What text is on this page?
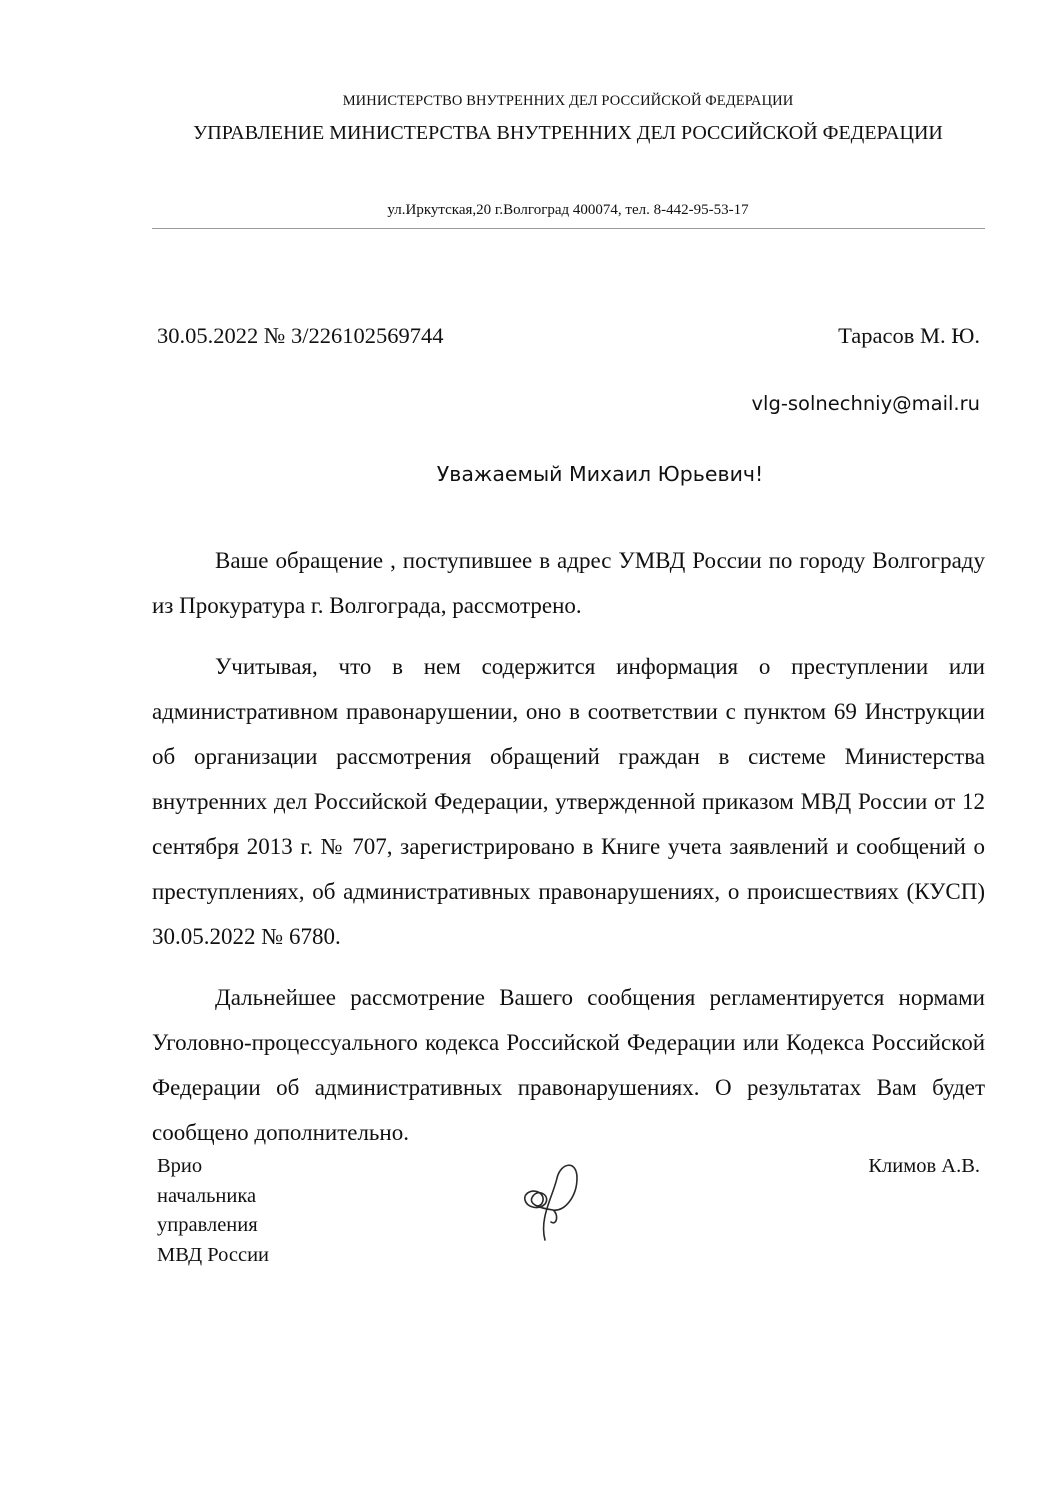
МИНИСТЕРСТВО ВНУТРЕННИХ ДЕЛ РОССИЙСКОЙ ФЕДЕРАЦИИ
УПРАВЛЕНИЕ МИНИСТЕРСТВА ВНУТРЕННИХ ДЕЛ РОССИЙСКОЙ ФЕДЕРАЦИИ
ул.Иркутская,20 г.Волгоград 400074, тел. 8-442-95-53-17
30.05.2022 № 3/226102569744	Тарасов М. Ю.
vlg-solnechniy@mail.ru
Уважаемый Михаил Юрьевич!

Ваше обращение , поступившее в адрес УМВД России по городу Волгограду из Прокуратура г. Волгограда, рассмотрено.

Учитывая, что в нем содержится информация о преступлении или административном правонарушении, оно в соответствии с пунктом 69 Инструкции об организации рассмотрения обращений граждан в системе Министерства внутренних дел Российской Федерации, утвержденной приказом МВД России от 12 сентября 2013 г. № 707, зарегистрировано в Книге учета заявлений и сообщений о преступлениях, об административных правонарушениях, о происшествиях (КУСП) 30.05.2022 № 6780.

Дальнейшее рассмотрение Вашего сообщения регламентируется нормами Уголовно-процессуального кодекса Российской Федерации или Кодекса Российской Федерации об административных правонарушениях. О результатах Вам будет сообщено дополнительно.

Врио
начальника
управления
МВД России
Климов А.В.
